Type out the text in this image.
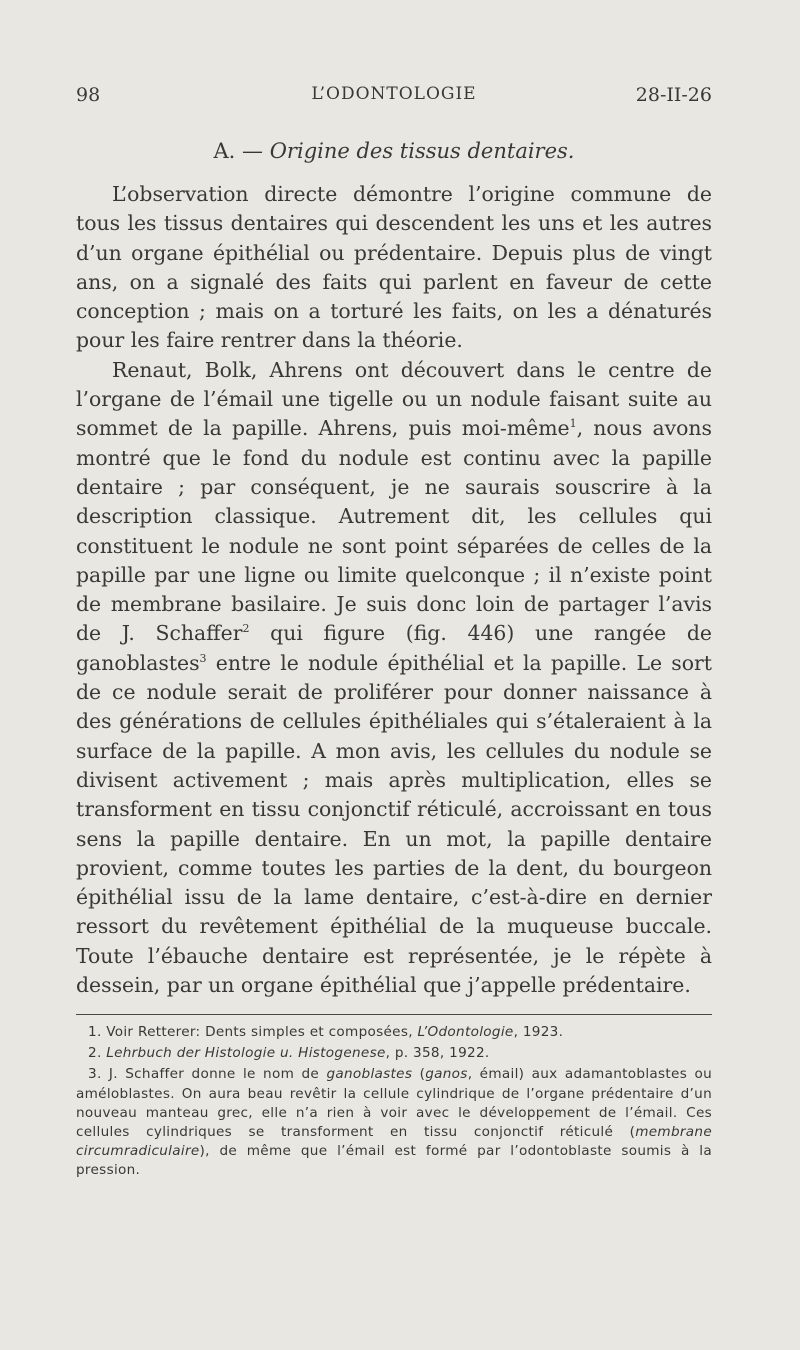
98	L’ODONTOLOGIE	28-II-26
A. — Origine des tissus dentaires.

L’observation directe démontre l’origine commune de tous les tissus dentaires qui descendent les uns et les autres d’un organe épithélial ou prédentaire. Depuis plus de vingt ans, on a signalé des faits qui parlent en faveur de cette conception ; mais on a torturé les faits, on les a dénaturés pour les faire rentrer dans la théorie.

Renaut, Bolk, Ahrens ont découvert dans le centre de l’organe de l’émail une tigelle ou un nodule faisant suite au sommet de la papille. Ahrens, puis moi-même$^1$, nous avons montré que le fond du nodule est continu avec la papille dentaire ; par conséquent, je ne saurais souscrire à la description classique. Autrement dit, les cellules qui constituent le nodule ne sont point séparées de celles de la papille par une ligne ou limite quelconque ; il n’existe point de membrane basilaire. Je suis donc loin de partager l’avis de J. Schaffer$^2$ qui figure (fig. 446) une rangée de ganoblastes$^3$ entre le nodule épithélial et la papille. Le sort de ce nodule serait de proliférer pour donner naissance à des générations de cellules épithéliales qui s’étaleraient à la surface de la papille. A mon avis, les cellules du nodule se divisent activement ; mais après multiplication, elles se transforment en tissu conjonctif réticulé, accroissant en tous sens la papille dentaire. En un mot, la papille dentaire provient, comme toutes les parties de la dent, du bourgeon épithélial issu de la lame dentaire, c’est-à-dire en dernier ressort du revêtement épithélial de la muqueuse buccale. Toute l’ébauche dentaire est représentée, je le répète à dessein, par un organe épithélial que j’appelle prédentaire.

1. Voir Retterer: Dents simples et composées, L’Odontologie, 1923.

2. Lehrbuch der Histologie u. Histogenese, p. 358, 1922.

3. J. Schaffer donne le nom de ganoblastes (ganos, émail) aux adamantoblastes ou améloblastes. On aura beau revêtir la cellule cylindrique de l’organe prédentaire d’un nouveau manteau grec, elle n’a rien à voir avec le développement de l’émail. Ces cellules cylindriques se transforment en tissu conjonctif réticulé (membrane circumradiculaire), de même que l’émail est formé par l’odontoblaste soumis à la pression.
